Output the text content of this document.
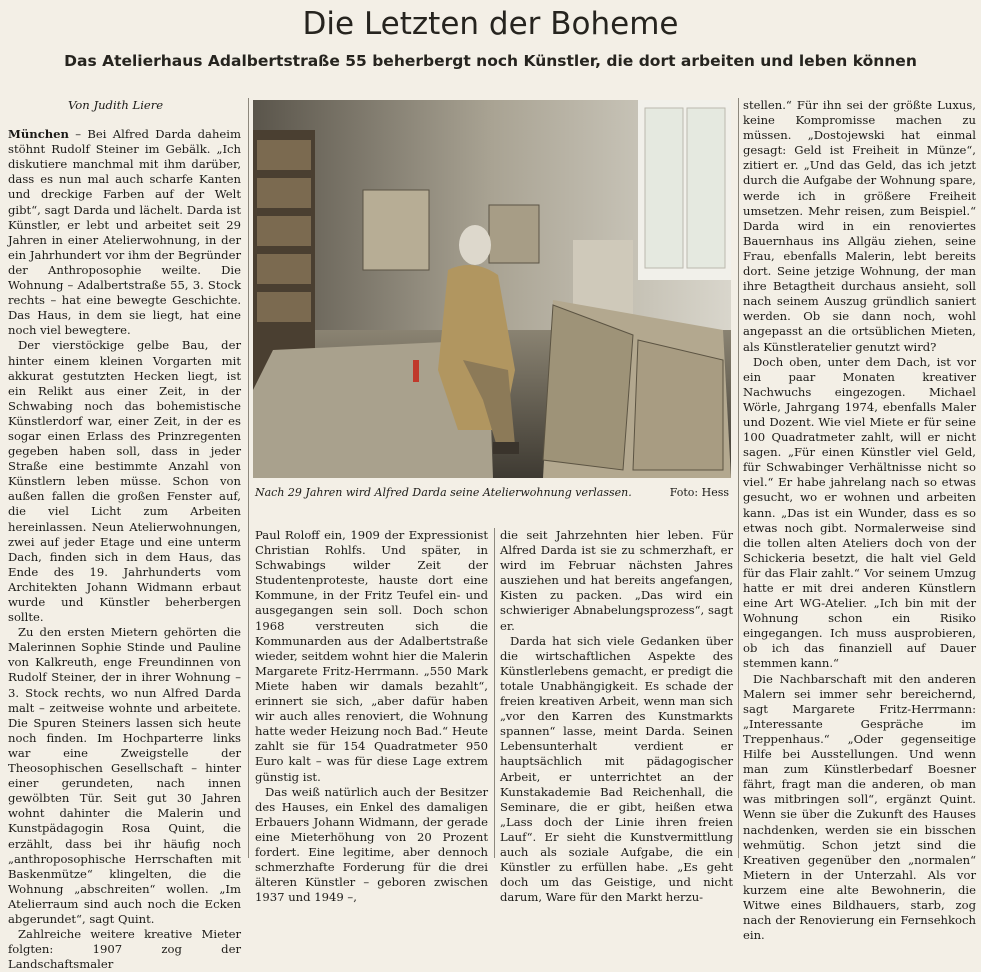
Die Letzten der Boheme
Das Atelierhaus Adalbertstraße 55 beherbergt noch Künstler, die dort arbeiten und leben können

Von Judith Liere

München – Bei Alfred Darda daheim stöhnt Rudolf Steiner im Gebälk. „Ich diskutiere manchmal mit ihm darüber, dass es nun mal auch scharfe Kanten und dreckige Farben auf der Welt gibt“, sagt Darda und lächelt. Darda ist Künstler, er lebt und arbeitet seit 29 Jahren in einer Atelierwohnung, in der ein Jahrhundert vor ihm der Begründer der Anthroposophie weilte. Die Wohnung – Adalbertstraße 55, 3. Stock rechts – hat eine bewegte Geschichte. Das Haus, in dem sie liegt, hat eine noch viel bewegtere.

Der vierstöckige gelbe Bau, der hinter einem kleinen Vorgarten mit akkurat gestutzten Hecken liegt, ist ein Relikt aus einer Zeit, in der Schwabing noch das bohemistische Künstlerdorf war, einer Zeit, in der es sogar einen Erlass des Prinzregenten gegeben haben soll, dass in jeder Straße eine bestimmte Anzahl von Künstlern leben müsse. Schon von außen fallen die großen Fenster auf, die viel Licht zum Arbeiten hereinlassen. Neun Atelierwohnungen, zwei auf jeder Etage und eine unterm Dach, finden sich in dem Haus, das Ende des 19. Jahrhunderts vom Architekten Johann Widmann erbaut wurde und Künstler beherbergen sollte.

Zu den ersten Mietern gehörten die Malerinnen Sophie Stinde und Pauline von Kalkreuth, enge Freundinnen von Rudolf Steiner, der in ihrer Wohnung – 3. Stock rechts, wo nun Alfred Darda malt – zeitweise wohnte und arbeitete. Die Spuren Steiners lassen sich heute noch finden. Im Hochparterre links war eine Zweigstelle der Theosophischen Gesellschaft – hinter einer gerundeten, nach innen gewölbten Tür. Seit gut 30 Jahren wohnt dahinter die Malerin und Kunstpädagogin Rosa Quint, die erzählt, dass bei ihr häufig noch „anthroposophische Herrschaften mit Baskenmütze“ klingelten, die die Wohnung „abschreiten“ wollen. „Im Atelierraum sind auch noch die Ecken abgerundet“, sagt Quint.

Zahlreiche weitere kreative Mieter folgten: 1907 zog der Landschaftsmaler

Nach 29 Jahren wird Alfred Darda seine Atelierwohnung verlassen.	Foto: Hess

Paul Roloff ein, 1909 der Expressionist Christian Rohlfs. Und später, in Schwabings wilder Zeit der Studentenproteste, hauste dort eine Kommune, in der Fritz Teufel ein- und ausgegangen sein soll. Doch schon 1968 verstreuten sich die Kommunarden aus der Adalbertstraße wieder, seitdem wohnt hier die Malerin Margarete Fritz-Herrmann. „550 Mark Miete haben wir damals bezahlt“, erinnert sie sich, „aber dafür haben wir auch alles renoviert, die Wohnung hatte weder Heizung noch Bad.“ Heute zahlt sie für 154 Quadratmeter 950 Euro kalt – was für diese Lage extrem günstig ist.

Das weiß natürlich auch der Besitzer des Hauses, ein Enkel des damaligen Erbauers Johann Widmann, der gerade eine Mieterhöhung von 20 Prozent fordert. Eine legitime, aber dennoch schmerzhafte Forderung für die drei älteren Künstler – geboren zwischen 1937 und 1949 –,

die seit Jahrzehnten hier leben. Für Alfred Darda ist sie zu schmerzhaft, er wird im Februar nächsten Jahres ausziehen und hat bereits angefangen, Kisten zu packen. „Das wird ein schwieriger Abnabelungsprozess“, sagt er.

Darda hat sich viele Gedanken über die wirtschaftlichen Aspekte des Künstlerlebens gemacht, er predigt die totale Unabhängigkeit. Es schade der freien kreativen Arbeit, wenn man sich „vor den Karren des Kunstmarkts spannen“ lasse, meint Darda. Seinen Lebensunterhalt verdient er hauptsächlich mit pädagogischer Arbeit, er unterrichtet an der Kunstakademie Bad Reichenhall, die Seminare, die er gibt, heißen etwa „Lass doch der Linie ihren freien Lauf“. Er sieht die Kunstvermittlung auch als soziale Aufgabe, die ein Künstler zu erfüllen habe. „Es geht doch um das Geistige, und nicht darum, Ware für den Markt herzu-

stellen.“ Für ihn sei der größte Luxus, keine Kompromisse machen zu müssen. „Dostojewski hat einmal gesagt: Geld ist Freiheit in Münze“, zitiert er. „Und das Geld, das ich jetzt durch die Aufgabe der Wohnung spare, werde ich in größere Freiheit umsetzen. Mehr reisen, zum Beispiel.“ Darda wird in ein renoviertes Bauernhaus ins Allgäu ziehen, seine Frau, ebenfalls Malerin, lebt bereits dort. Seine jetzige Wohnung, der man ihre Betagtheit durchaus ansieht, soll nach seinem Auszug gründlich saniert werden. Ob sie dann noch, wohl angepasst an die ortsüblichen Mieten, als Künstleratelier genutzt wird?

Doch oben, unter dem Dach, ist vor ein paar Monaten kreativer Nachwuchs eingezogen. Michael Wörle, Jahrgang 1974, ebenfalls Maler und Dozent. Wie viel Miete er für seine 100 Quadratmeter zahlt, will er nicht sagen. „Für einen Künstler viel Geld, für Schwabinger Verhältnisse nicht so viel.“ Er habe jahrelang nach so etwas gesucht, wo er wohnen und arbeiten kann. „Das ist ein Wunder, dass es so etwas noch gibt. Normalerweise sind die tollen alten Ateliers doch von der Schickeria besetzt, die halt viel Geld für das Flair zahlt.“ Vor seinem Umzug hatte er mit drei anderen Künstlern eine Art WG-Atelier. „Ich bin mit der Wohnung schon ein Risiko eingegangen. Ich muss ausprobieren, ob ich das finanziell auf Dauer stemmen kann.“

Die Nachbarschaft mit den anderen Malern sei immer sehr bereichernd, sagt Margarete Fritz-Herrmann: „Interessante Gespräche im Treppenhaus.“ „Oder gegenseitige Hilfe bei Ausstellungen. Und wenn man zum Künstlerbedarf Boesner fährt, fragt man die anderen, ob man was mitbringen soll“, ergänzt Quint. Wenn sie über die Zukunft des Hauses nachdenken, werden sie ein bisschen wehmütig. Schon jetzt sind die Kreativen gegenüber den „normalen“ Mietern in der Unterzahl. Als vor kurzem eine alte Bewohnerin, die Witwe eines Bildhauers, starb, zog nach der Renovierung ein Fernsehkoch ein.
